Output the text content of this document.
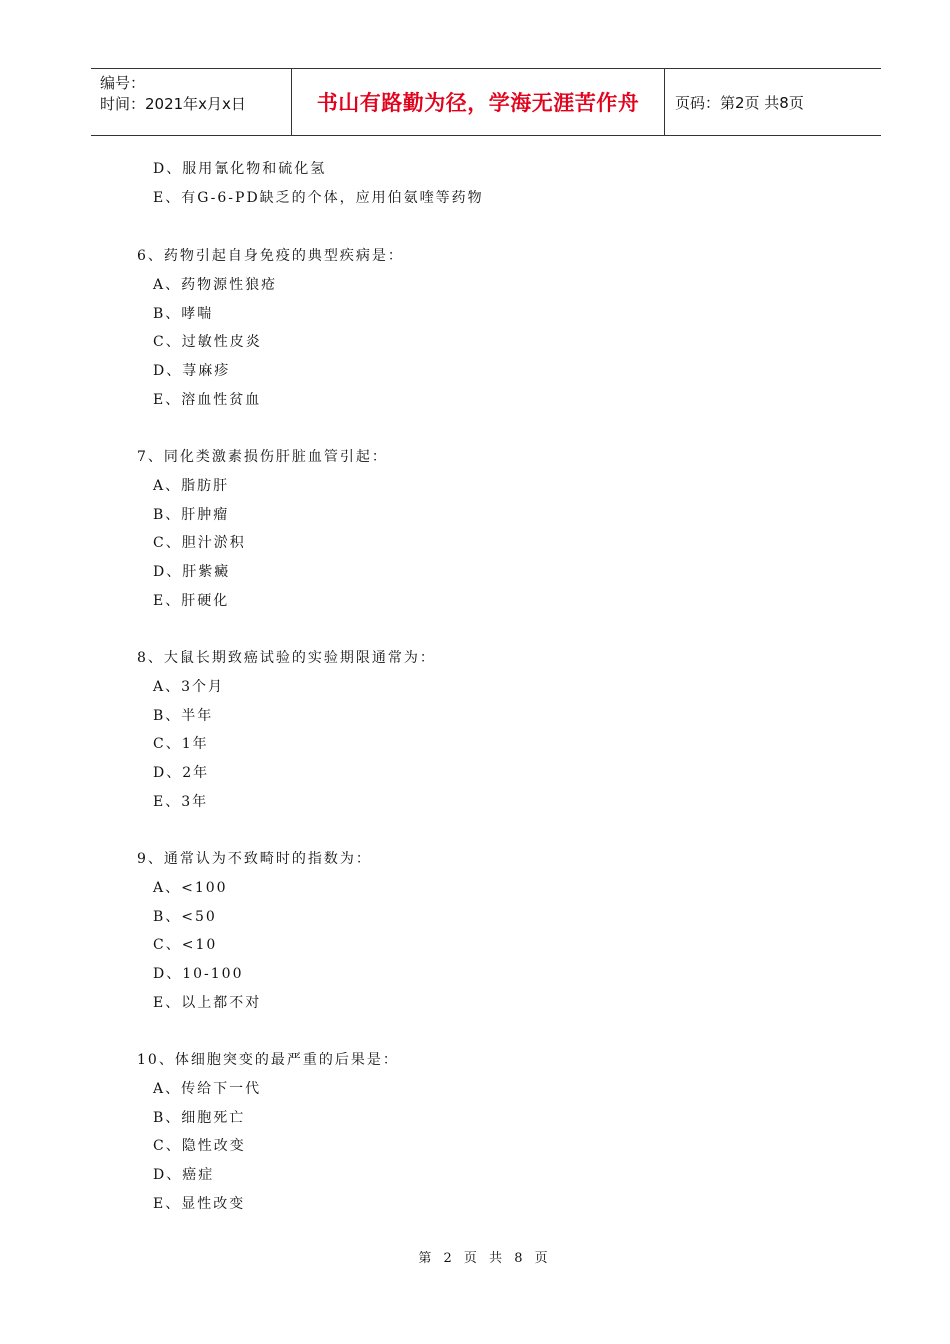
编号：
时间：2021年x月x日	书山有路勤为径，学海无涯苦作舟 页码：第2页 共8页
D、服用氰化物和硫化氢
E、有G-6-PD缺乏的个体，应用伯氨喹等药物
6、药物引起自身免疫的典型疾病是：
A、药物源性狼疮
B、哮喘
C、过敏性皮炎
D、荨麻疹
E、溶血性贫血
7、同化类激素损伤肝脏血管引起：
A、脂肪肝
B、肝肿瘤
C、胆汁淤积
D、肝紫癜
E、肝硬化
8、大鼠长期致癌试验的实验期限通常为：
A、3个月
B、半年
C、1年
D、2年
E、3年
9、通常认为不致畸时的指数为：
A、<100
B、<50
C、<10
D、10-100
E、以上都不对
10、体细胞突变的最严重的后果是：
A、传给下一代
B、细胞死亡
C、隐性改变
D、癌症
E、显性改变
第 2 页 共 8 页
